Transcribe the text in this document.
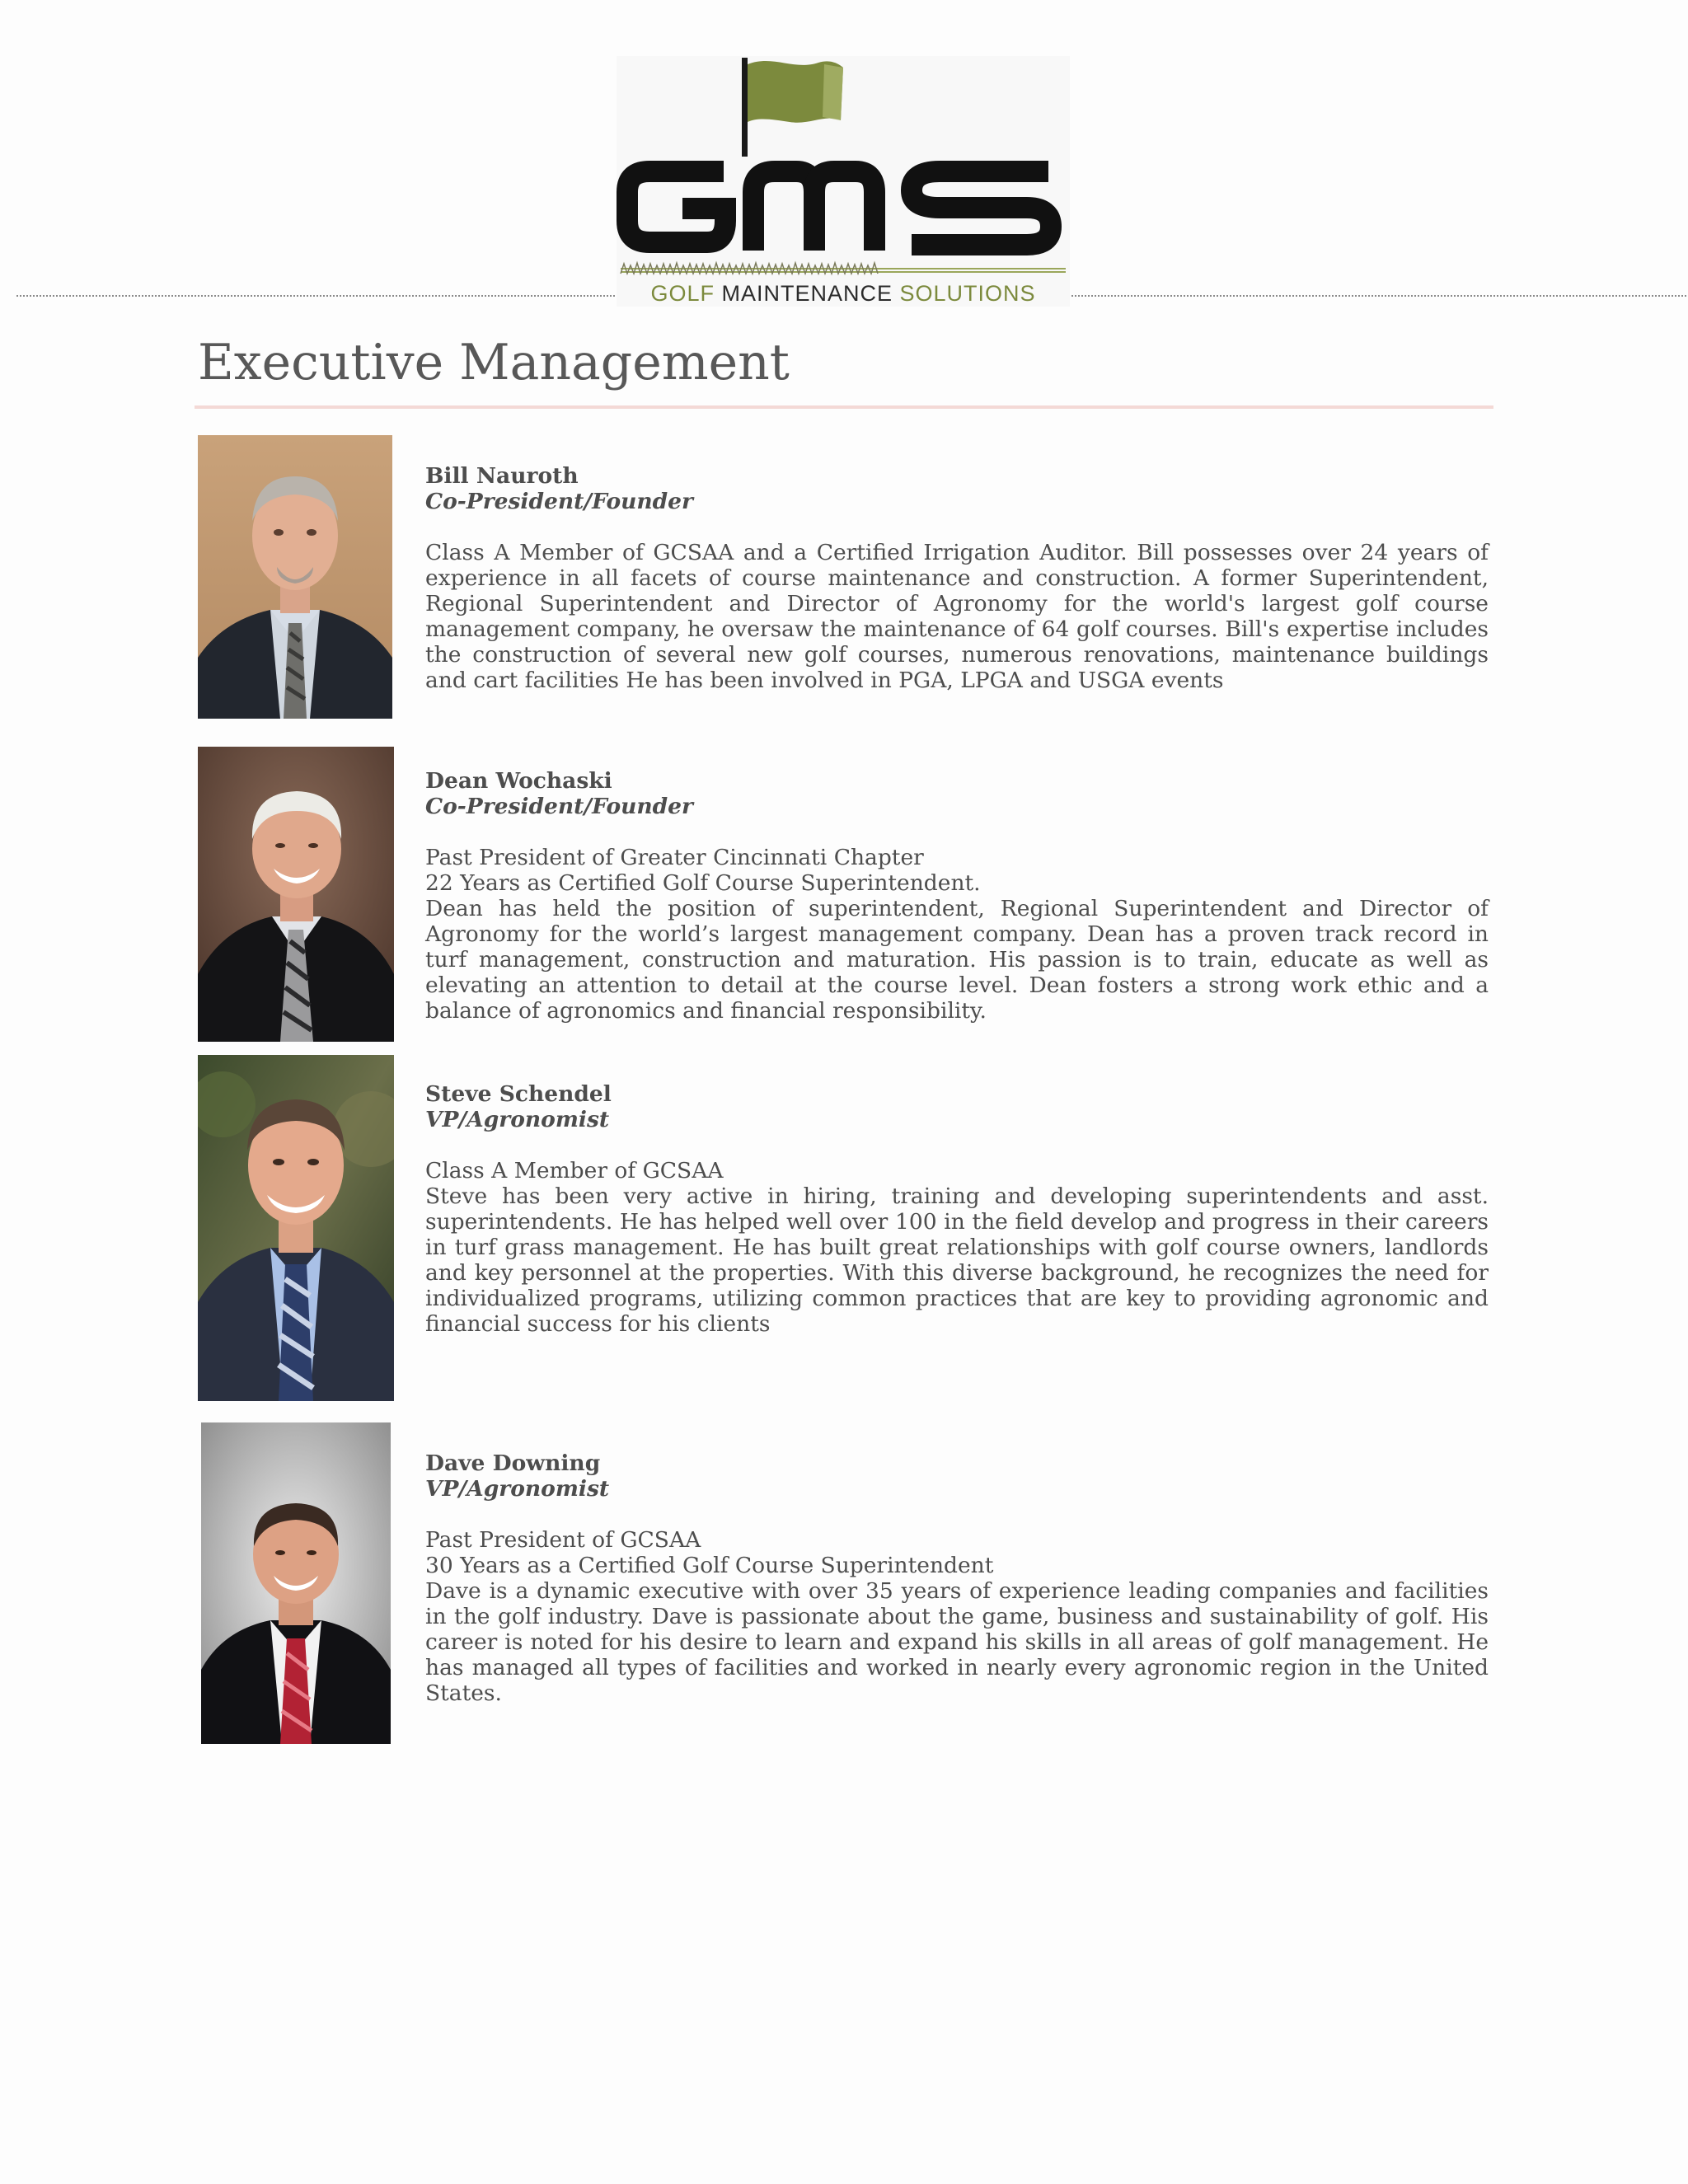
GOLF MAINTENANCE SOLUTIONS
Executive Management
Bill Nauroth
Co-President/Founder
Class A Member of GCSAA and a Certified Irrigation Auditor. Bill possesses over 24 years of experience in all facets of course maintenance and construction. A former Superintendent, Regional Superintendent and Director of Agronomy for the world's largest golf course management company, he oversaw the maintenance of 64 golf courses. Bill's expertise includes the construction of several new golf courses, numerous renovations, maintenance buildings and cart facilities He has been involved in PGA, LPGA and USGA events
Dean Wochaski
Co-President/Founder
Past President of Greater Cincinnati Chapter
22 Years as Certified Golf Course Superintendent.
Dean has held the position of superintendent, Regional Superintendent and Director of Agronomy for the world’s largest management company. Dean has a proven track record in turf management, construction and maturation. His passion is to train, educate as well as elevating an attention to detail at the course level. Dean fosters a strong work ethic and a balance of agronomics and financial responsibility.
Steve Schendel
VP/Agronomist
Class A Member of GCSAA
Steve has been very active in hiring, training and developing superintendents and asst. superintendents. He has helped well over 100 in the field develop and progress in their careers in turf grass management. He has built great relationships with golf course owners, landlords and key personnel at the properties. With this diverse background, he recognizes the need for individualized programs, utilizing common practices that are key to providing agronomic and financial success for his clients
Dave Downing
VP/Agronomist
Past President of GCSAA
30 Years as a Certified Golf Course Superintendent
Dave is a dynamic executive with over 35 years of experience leading companies and facilities in the golf industry. Dave is passionate about the game, business and sustainability of golf. His career is noted for his desire to learn and expand his skills in all areas of golf management. He has managed all types of facilities and worked in nearly every agronomic region in the United States.
